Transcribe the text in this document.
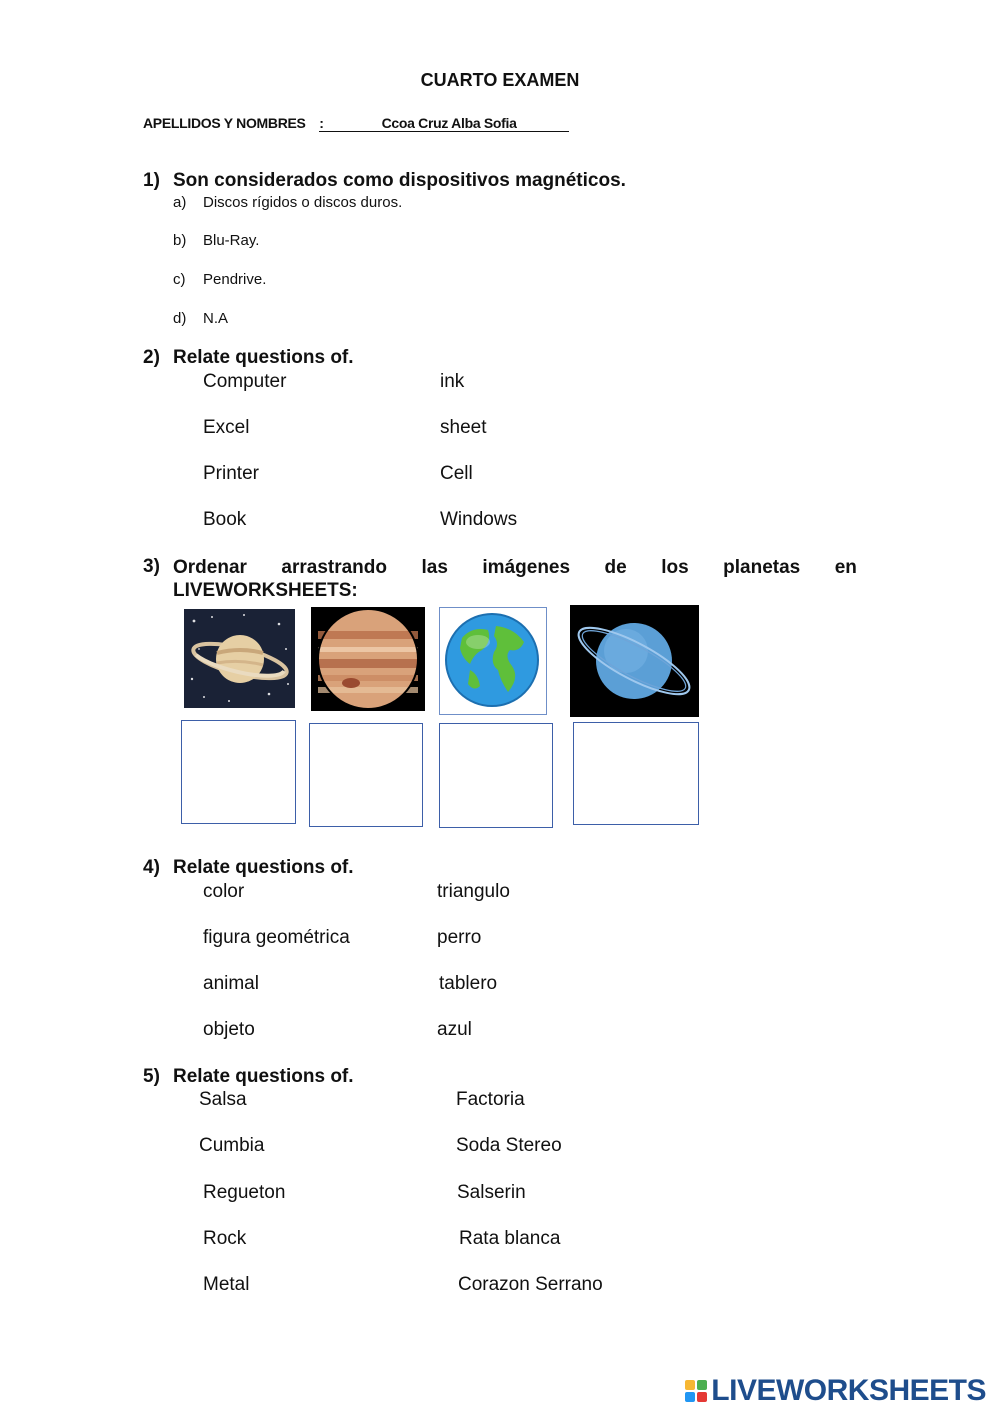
CUARTO EXAMEN
APELLIDOS Y NOMBRES :	Ccoa Cruz Alba Sofia
1) Son considerados como dispositivos magnéticos.
a) Discos rígidos o discos duros.
b) Blu-Ray.
c) Pendrive.
d) N.A
2) Relate questions of.
Computer	ink
Excel	sheet
Printer	Cell
Book	Windows
3) Ordenar arrastrando las imágenes de los planetas en
LIVEWORKSHEETS:
4) Relate questions of.
color	triangulo
figura geométrica	perro
animal	tablero
objeto	azul
5) Relate questions of.
Salsa	Factoria
Cumbia	Soda Stereo
Regueton	Salserin
Rock	Rata blanca
Metal	Corazon Serrano
LIVEWORKSHEETS
